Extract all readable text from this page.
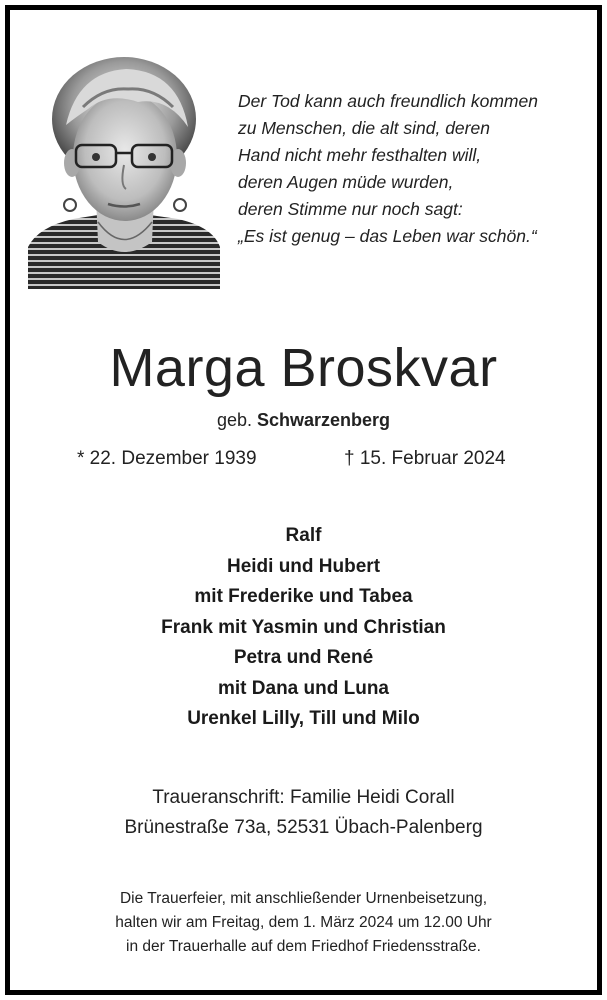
Der Tod kann auch freundlich kommen
zu Menschen, die alt sind, deren
Hand nicht mehr festhalten will,
deren Augen müde wurden,
deren Stimme nur noch sagt:
„Es ist genug – das Leben war schön.“
Marga Broskvar
geb. Schwarzenberg
* 22. Dezember 1939	† 15. Februar 2024
Ralf
Heidi und Hubert
mit Frederike und Tabea
Frank mit Yasmin und Christian
Petra und René
mit Dana und Luna
Urenkel Lilly, Till und Milo
Traueranschrift: Familie Heidi Corall
Brünestraße 73a, 52531 Übach-Palenberg
Die Trauerfeier, mit anschließender Urnenbeisetzung,
halten wir am Freitag, dem 1. März 2024 um 12.00 Uhr
in der Trauerhalle auf dem Friedhof Friedensstraße.
